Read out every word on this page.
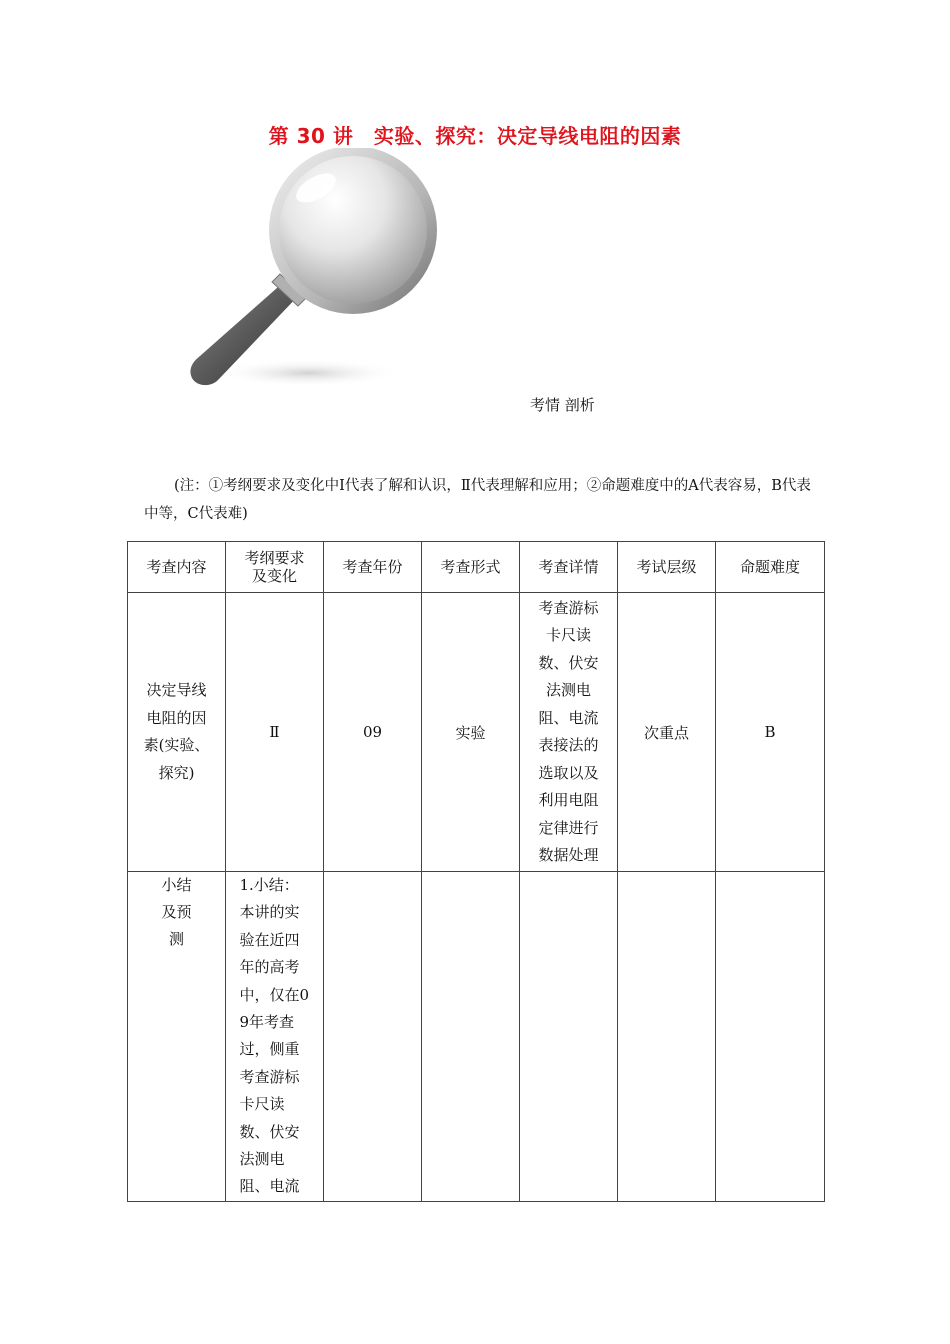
第 30 讲　实验、探究：决定导线电阻的因素
考情 剖析
(注：①考纲要求及变化中Ⅰ代表了解和认识，Ⅱ代表理解和应用；②命题难度中的A代表容易，B代表中等，C代表难)
考查内容	考纲要求及变化	考查年份	考查形式	考查详情	考试层级	命题难度
决定导线电阻的因素(实验、探究)	Ⅱ	09	实验	考查游标卡尺读数、伏安法测电阻、电流表接法的选取以及利用电阻定律进行数据处理	次重点	B
小结及预测	1.小结：本讲的实验在近四年的高考中，仅在09年考查过，侧重考查游标卡尺读数、伏安法测电阻、电流					
